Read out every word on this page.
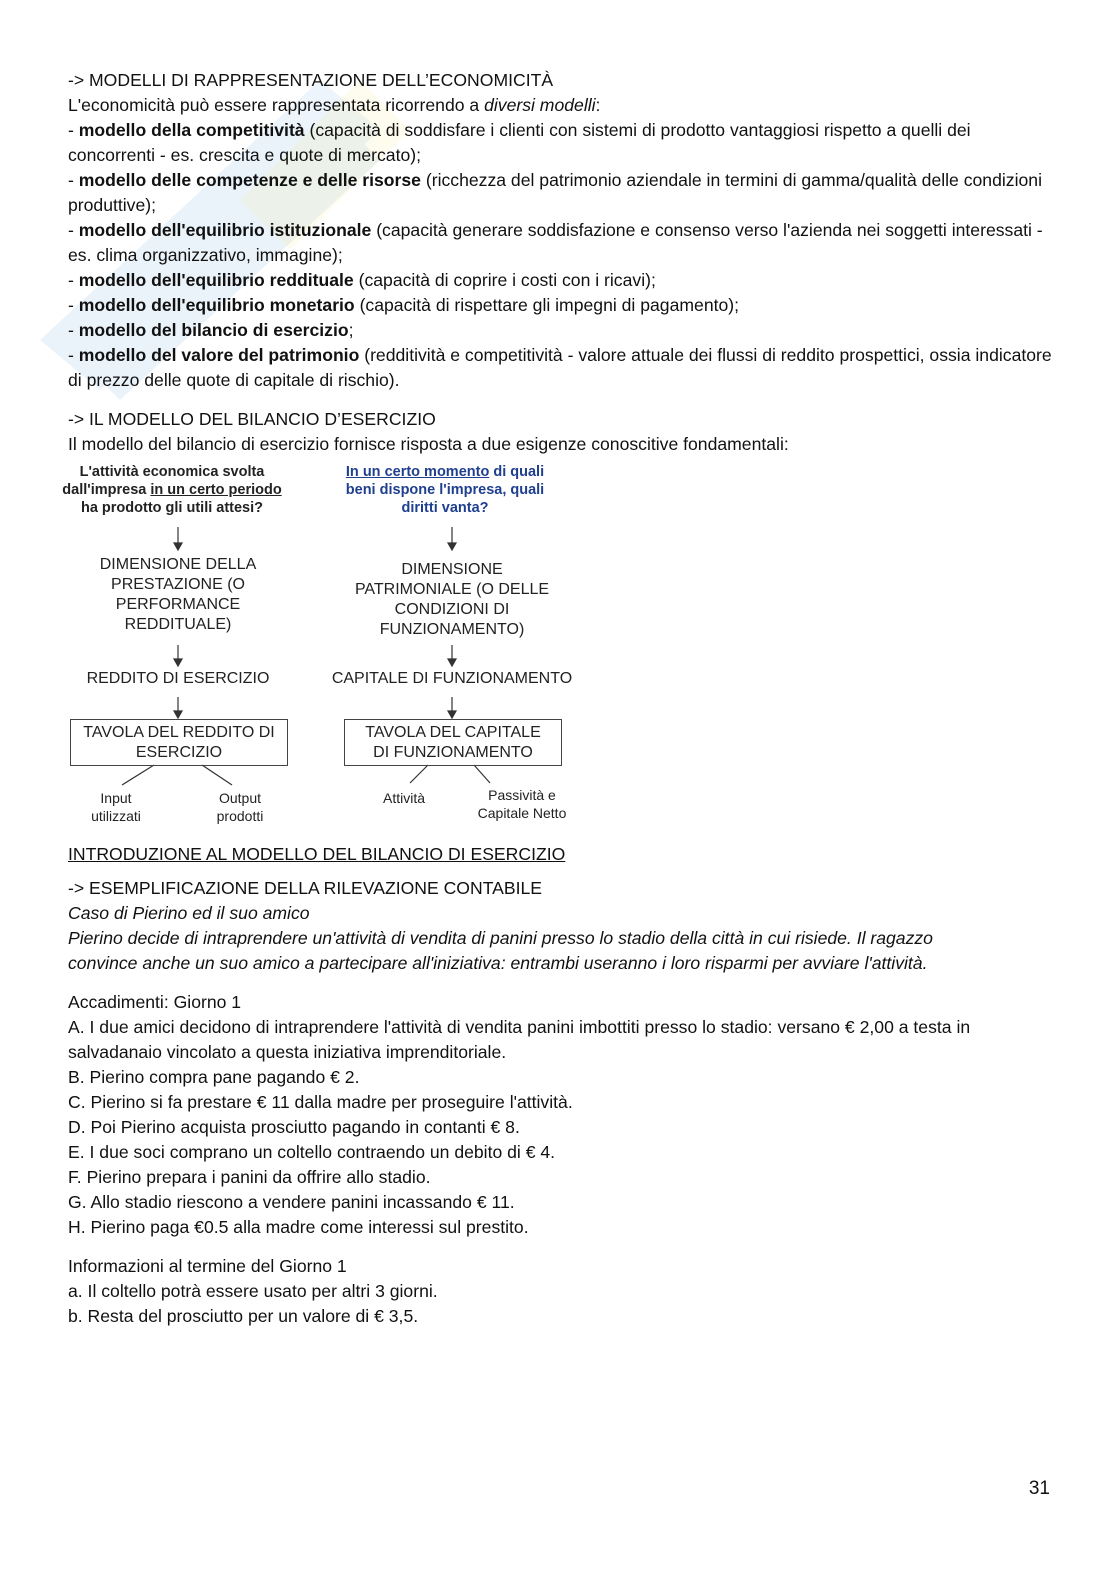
-> MODELLI DI RAPPRESENTAZIONE DELL’ECONOMICITÀ
L'economicità può essere rappresentata ricorrendo a diversi modelli:
- modello della competitività (capacità di soddisfare i clienti con sistemi di prodotto vantaggiosi rispetto a quelli dei concorrenti - es. crescita e quote di mercato);
- modello delle competenze e delle risorse (ricchezza del patrimonio aziendale in termini di gamma/qualità delle condizioni produttive);
- modello dell'equilibrio istituzionale (capacità generare soddisfazione e consenso verso l'azienda nei soggetti interessati - es. clima organizzativo, immagine);
- modello dell'equilibrio reddituale (capacità di coprire i costi con i ricavi);
- modello dell'equilibrio monetario (capacità di rispettare gli impegni di pagamento);
- modello del bilancio di esercizio;
- modello del valore del patrimonio (redditività e competitività - valore attuale dei flussi di reddito prospettici, ossia indicatore di prezzo delle quote di capitale di rischio).
-> IL MODELLO DEL BILANCIO D’ESERCIZIO
Il modello del bilancio di esercizio fornisce risposta a due esigenze conoscitive fondamentali:
L'attività economica svolta
dall'impresa in un certo periodo
ha prodotto gli utili attesi?
In un certo momento di quali
beni dispone l'impresa, quali
diritti vanta?
DIMENSIONE DELLA
PRESTAZIONE (O
PERFORMANCE
REDDITUALE)
DIMENSIONE
PATRIMONIALE (O DELLE
CONDIZIONI DI
FUNZIONAMENTO)
REDDITO DI ESERCIZIO	CAPITALE DI FUNZIONAMENTO
TAVOLA DEL REDDITO DI
ESERCIZIO
TAVOLA DEL CAPITALE
DI FUNZIONAMENTO
Input
utilizzati
Output
prodotti
Attività	Passività e
Capitale Netto
INTRODUZIONE AL MODELLO DEL BILANCIO DI ESERCIZIO
-> ESEMPLIFICAZIONE DELLA RILEVAZIONE CONTABILE
Caso di Pierino ed il suo amico
Pierino decide di intraprendere un'attività di vendita di panini presso lo stadio della città in cui risiede. Il ragazzo
convince anche un suo amico a partecipare all'iniziativa: entrambi useranno i loro risparmi per avviare l'attività.
Accadimenti: Giorno 1
A. I due amici decidono di intraprendere l'attività di vendita panini imbottiti presso lo stadio: versano € 2,00 a testa in salvadanaio vincolato a questa iniziativa imprenditoriale.
B. Pierino compra pane pagando € 2.
C. Pierino si fa prestare € 11 dalla madre per proseguire l'attività.
D. Poi Pierino acquista prosciutto pagando in contanti € 8.
E. I due soci comprano un coltello contraendo un debito di € 4.
F. Pierino prepara i panini da offrire allo stadio.
G. Allo stadio riescono a vendere panini incassando € 11.
H. Pierino paga €0.5 alla madre come interessi sul prestito.
Informazioni al termine del Giorno 1
a. Il coltello potrà essere usato per altri 3 giorni.
b. Resta del prosciutto per un valore di € 3,5.
31
